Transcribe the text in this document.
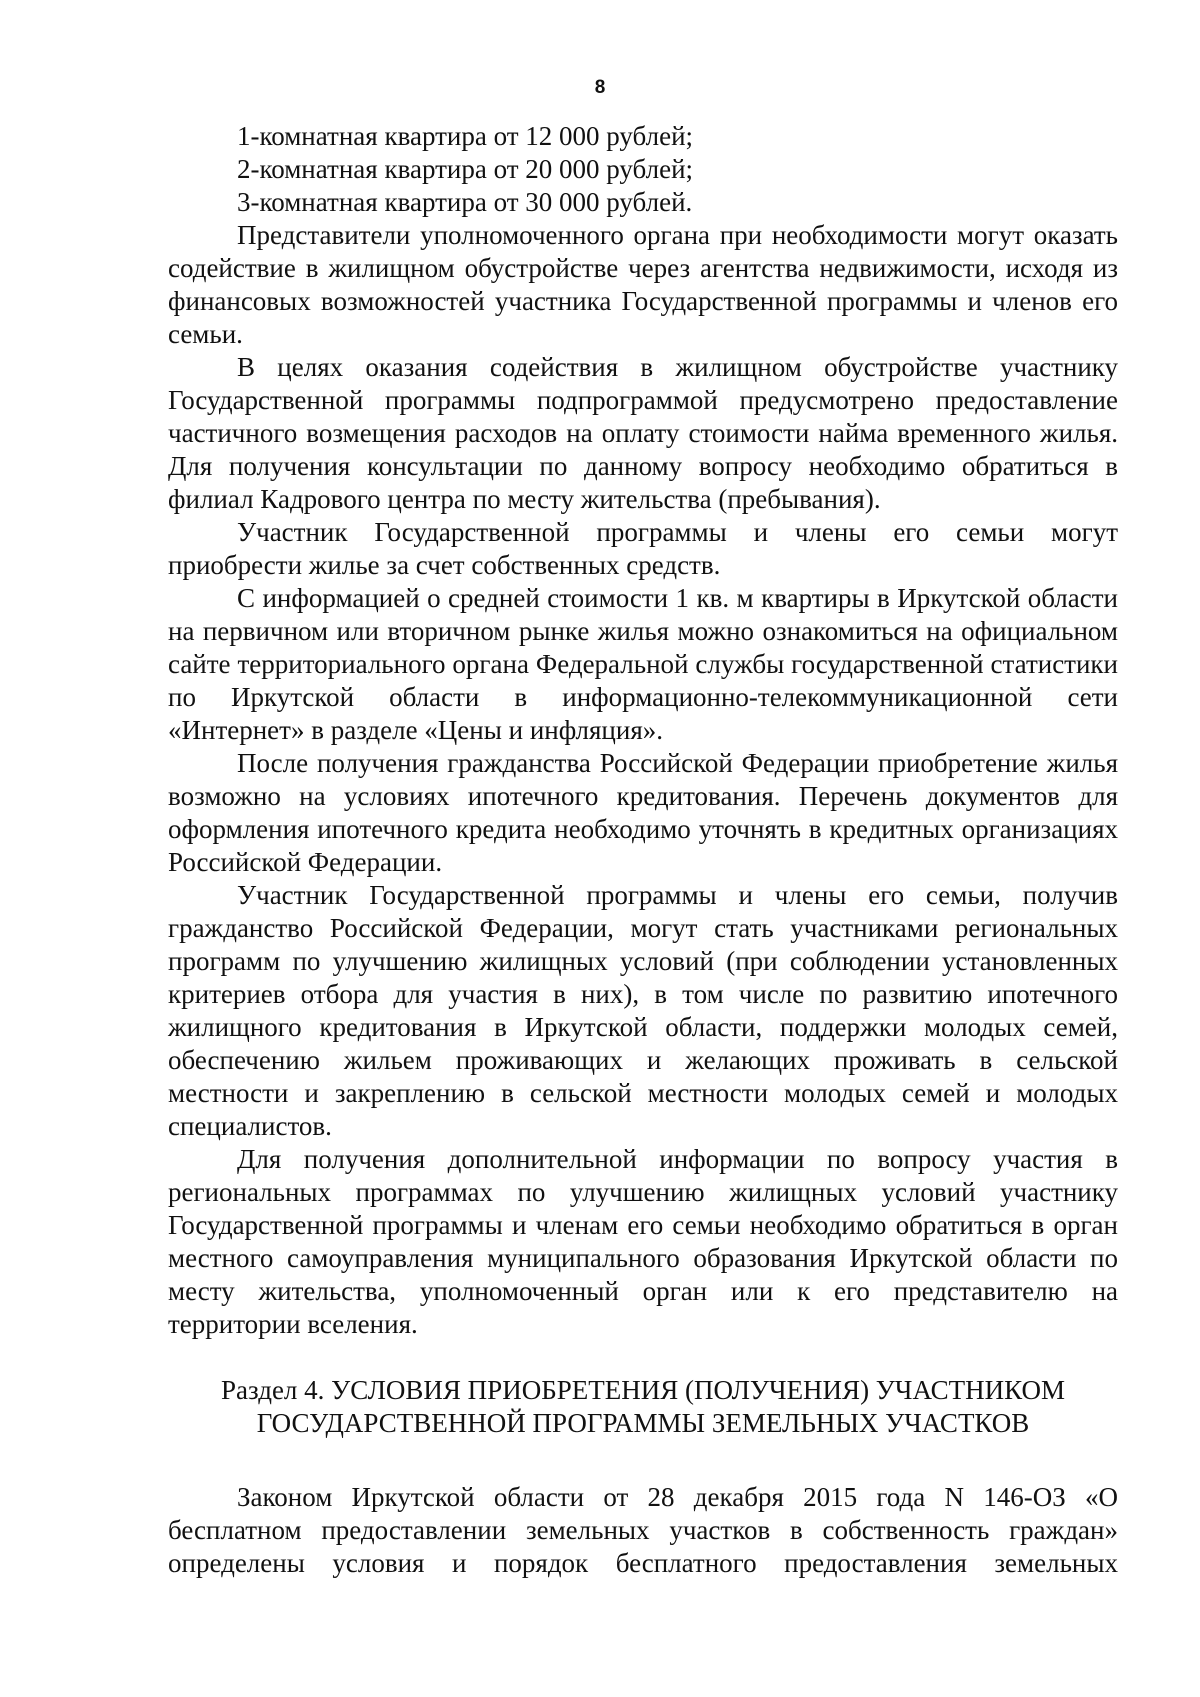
8

1-комнатная квартира от 12 000 рублей;

2-комнатная квартира от 20 000 рублей;

3-комнатная квартира от 30 000 рублей.

Представители уполномоченного органа при необходимости могут оказать содействие в жилищном обустройстве через агентства недвижимости, исходя из финансовых возможностей участника Государственной программы и членов его семьи.

В целях оказания содействия в жилищном обустройстве участнику Государственной программы подпрограммой предусмотрено предоставление частичного возмещения расходов на оплату стоимости найма временного жилья. Для получения консультации по данному вопросу необходимо обратиться в филиал Кадрового центра по месту жительства (пребывания).

Участник Государственной программы и члены его семьи могут приобрести жилье за счет собственных средств.

С информацией о средней стоимости 1 кв. м квартиры в Иркутской области на первичном или вторичном рынке жилья можно ознакомиться на официальном сайте территориального органа Федеральной службы государственной статистики по Иркутской области в информационно-телекоммуникационной сети «Интернет» в разделе «Цены и инфляция».

После получения гражданства Российской Федерации приобретение жилья возможно на условиях ипотечного кредитования. Перечень документов для оформления ипотечного кредита необходимо уточнять в кредитных организациях Российской Федерации.

Участник Государственной программы и члены его семьи, получив гражданство Российской Федерации, могут стать участниками региональных программ по улучшению жилищных условий (при соблюдении установленных критериев отбора для участия в них), в том числе по развитию ипотечного жилищного кредитования в Иркутской области, поддержки молодых семей, обеспечению жильем проживающих и желающих проживать в сельской местности и закреплению в сельской местности молодых семей и молодых специалистов.

Для получения дополнительной информации по вопросу участия в региональных программах по улучшению жилищных условий участнику Государственной программы и членам его семьи необходимо обратиться в орган местного самоуправления муниципального образования Иркутской области по месту жительства, уполномоченный орган или к его представителю на территории вселения.

Раздел 4. УСЛОВИЯ ПРИОБРЕТЕНИЯ (ПОЛУЧЕНИЯ) УЧАСТНИКОМ
ГОСУДАРСТВЕННОЙ ПРОГРАММЫ ЗЕМЕЛЬНЫХ УЧАСТКОВ

Законом Иркутской области от 28 декабря 2015 года N 146-ОЗ «О бесплатном предоставлении земельных участков в собственность граждан» определены условия и порядок бесплатного предоставления земельных
